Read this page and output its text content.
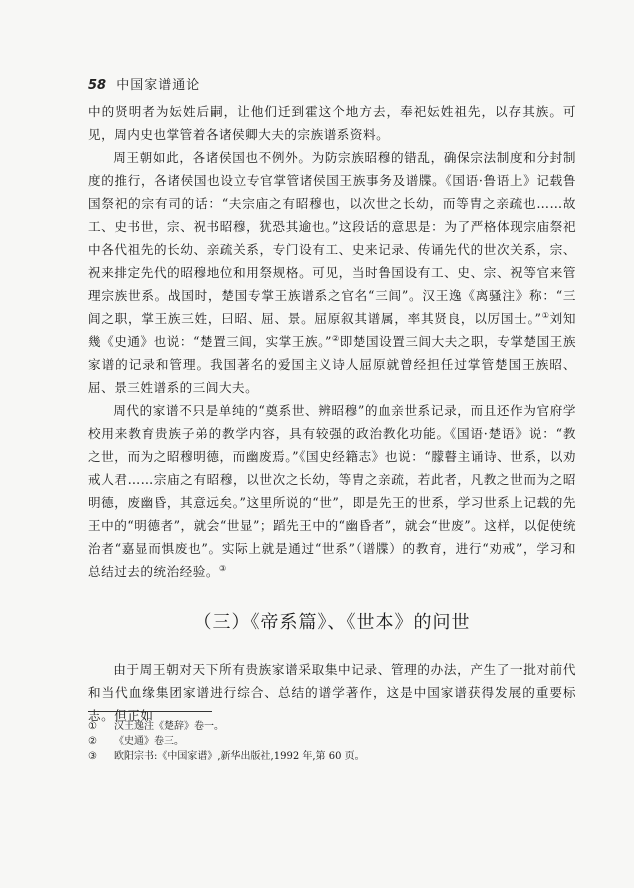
58 中国家谱通论

中的贤明者为妘姓后嗣，让他们迁到霍这个地方去，奉祀妘姓祖先，以存其族。可见，周内史也掌管着各诸侯卿大夫的宗族谱系资料。

周王朝如此，各诸侯国也不例外。为防宗族昭穆的错乱，确保宗法制度和分封制度的推行，各诸侯国也设立专官掌管诸侯国王族事务及谱牒。《国语·鲁语上》记载鲁国祭祀的宗有司的话：“夫宗庙之有昭穆也，以次世之长幼，而等胄之亲疏也……故工、史书世，宗、祝书昭穆，犹恐其逾也。”这段话的意思是：为了严格体现宗庙祭祀中各代祖先的长幼、亲疏关系，专门设有工、史来记录、传诵先代的世次关系，宗、祝来排定先代的昭穆地位和用祭规格。可见，当时鲁国设有工、史、宗、祝等官来管理宗族世系。战国时，楚国专掌王族谱系之官名“三闾”。汉王逸《离骚注》称：“三闾之职，掌王族三姓，曰昭、屈、景。屈原叙其谱属，率其贤良，以厉国士。”①刘知幾《史通》也说：“楚置三闾，实掌王族。”②即楚国设置三闾大夫之职，专掌楚国王族家谱的记录和管理。我国著名的爱国主义诗人屈原就曾经担任过掌管楚国王族昭、屈、景三姓谱系的三闾大夫。

周代的家谱不只是单纯的“奠系世、辨昭穆”的血亲世系记录，而且还作为官府学校用来教育贵族子弟的教学内容，具有较强的政治教化功能。《国语·楚语》说：“教之世，而为之昭穆明德，而幽废焉。”《国史经籍志》也说：“朦瞽主诵诗、世系，以劝戒人君……宗庙之有昭穆，以世次之长幼，等胄之亲疏，若此者，凡教之世而为之昭明德，废幽昏，其意远矣。”这里所说的“世”，即是先王的世系，学习世系上记载的先王中的“明德者”，就会“世显”；蹈先王中的“幽昏者”，就会“世废”。这样，以促使统治者“嘉显而惧废也”。实际上就是通过“世系”（谱牒）的教育，进行“劝戒”，学习和总结过去的统治经验。③

（三）《帝系篇》、《世本》的问世

由于周王朝对天下所有贵族家谱采取集中记录、管理的办法，产生了一批对前代和当代血缘集团家谱进行综合、总结的谱学著作，这是中国家谱获得发展的重要标志。但正如

①	汉王逸注《楚辞》卷一。
②	《史通》卷三。
③	欧阳宗书:《中国家谱》,新华出版社,1992 年,第 60 页。
